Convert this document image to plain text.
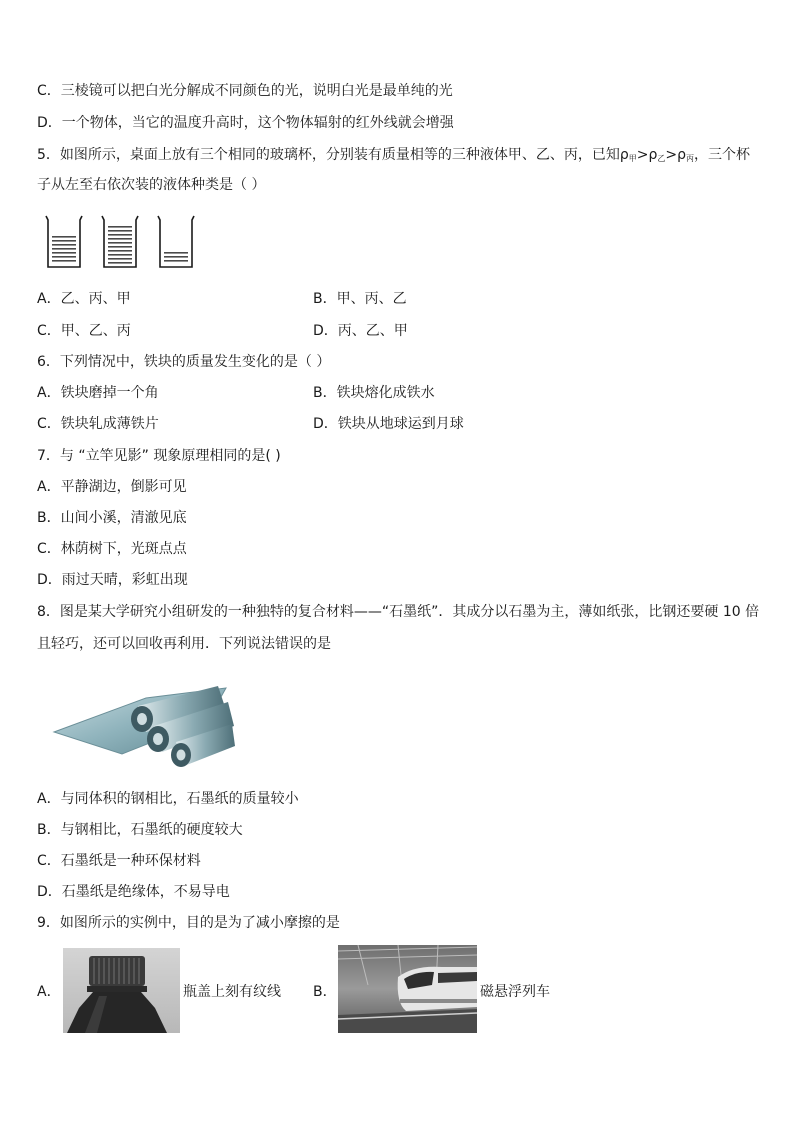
C．三棱镜可以把白光分解成不同颜色的光，说明白光是最单纯的光
D．一个物体，当它的温度升高时，这个物体辐射的红外线就会增强
5．如图所示，桌面上放有三个相同的玻璃杯，分别装有质量相等的三种液体甲、乙、丙，已知$\rho_甲>\rho_乙>\rho_丙$，三个杯
子从左至右依次装的液体种类是（ ）
A．乙、丙、甲	B．甲、丙、乙
C．甲、乙、丙	D．丙、乙、甲
6．下列情况中，铁块的质量发生变化的是（ ）
A．铁块磨掉一个角	B．铁块熔化成铁水
C．铁块轧成薄铁片	D．铁块从地球运到月球
7．与 “立竿见影” 现象原理相同的是( )
A．平静湖边，倒影可见
B．山间小溪，清澈见底
C．林荫树下，光斑点点
D．雨过天晴，彩虹出现
8．图是某大学研究小组研发的一种独特的复合材料——“石墨纸”．其成分以石墨为主，薄如纸张，比钢还要硬 10 倍
且轻巧，还可以回收再利用．下列说法错误的是
A．与同体积的钢相比，石墨纸的质量较小
B．与钢相比，石墨纸的硬度较大
C．石墨纸是一种环保材料
D．石墨纸是绝缘体，不易导电
9．如图所示的实例中，目的是为了减小摩擦的是
A．	瓶盖上刻有纹线 B．	磁悬浮列车
